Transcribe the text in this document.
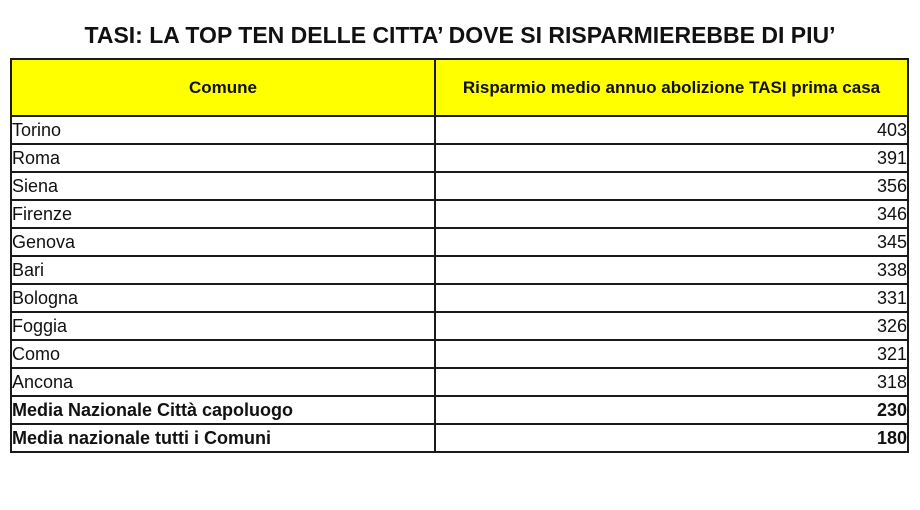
TASI: LA TOP TEN DELLE CITTA’ DOVE SI RISPARMIEREBBE DI PIU’
Comune	Risparmio medio annuo abolizione TASI prima casa
Torino	403
Roma	391
Siena	356
Firenze	346
Genova	345
Bari	338
Bologna	331
Foggia	326
Como	321
Ancona	318
Media Nazionale Città capoluogo	230
Media nazionale tutti i Comuni	180
